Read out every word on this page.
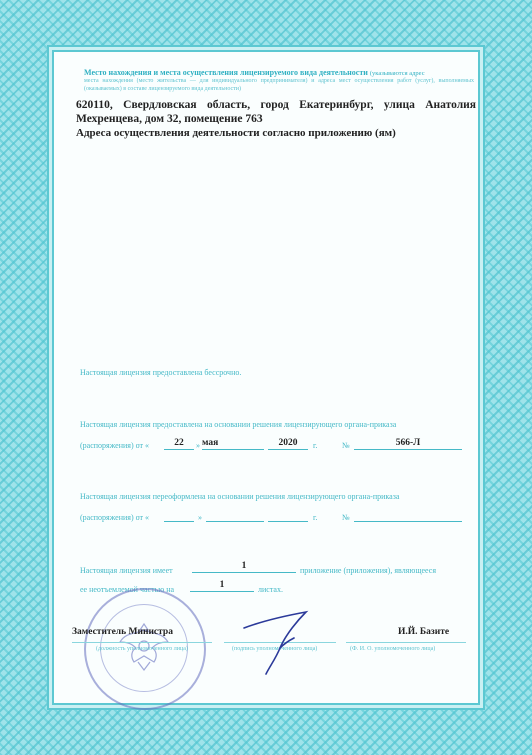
Место нахождения и места осуществления лицензируемого вида деятельности (указываются адрес
места нахождения (место жительства — для индивидуального предпринимателя) и адреса мест осуществления работ (услуг), выполняемых (оказываемых) в составе лицензируемого вида деятельности)
620110, Свердловская область, город Екатеринбург, улица Анатолия Мехренцева, дом 32, помещение 763
Адреса осуществления деятельности согласно приложению (ям)
Настоящая лицензия предоставлена бессрочно.
Настоящая лицензия предоставлена на основании решения лицензирующего органа-приказа
(распоряжения) от «	22	» мая	2020	г.	№	566-Л
Настоящая лицензия переоформлена на основании решения лицензирующего органа-приказа
(распоряжения) от «	»	г.	№
Настоящая лицензия имеет	1	приложение (приложения), являющееся
ее неотъемлемой частью на	1	листах.
Заместитель Министра
(должность уполномоченного лица)	(подпись уполномоченного лица)	(Ф. И. О. уполномоченного лица)
И.Й. Базите
